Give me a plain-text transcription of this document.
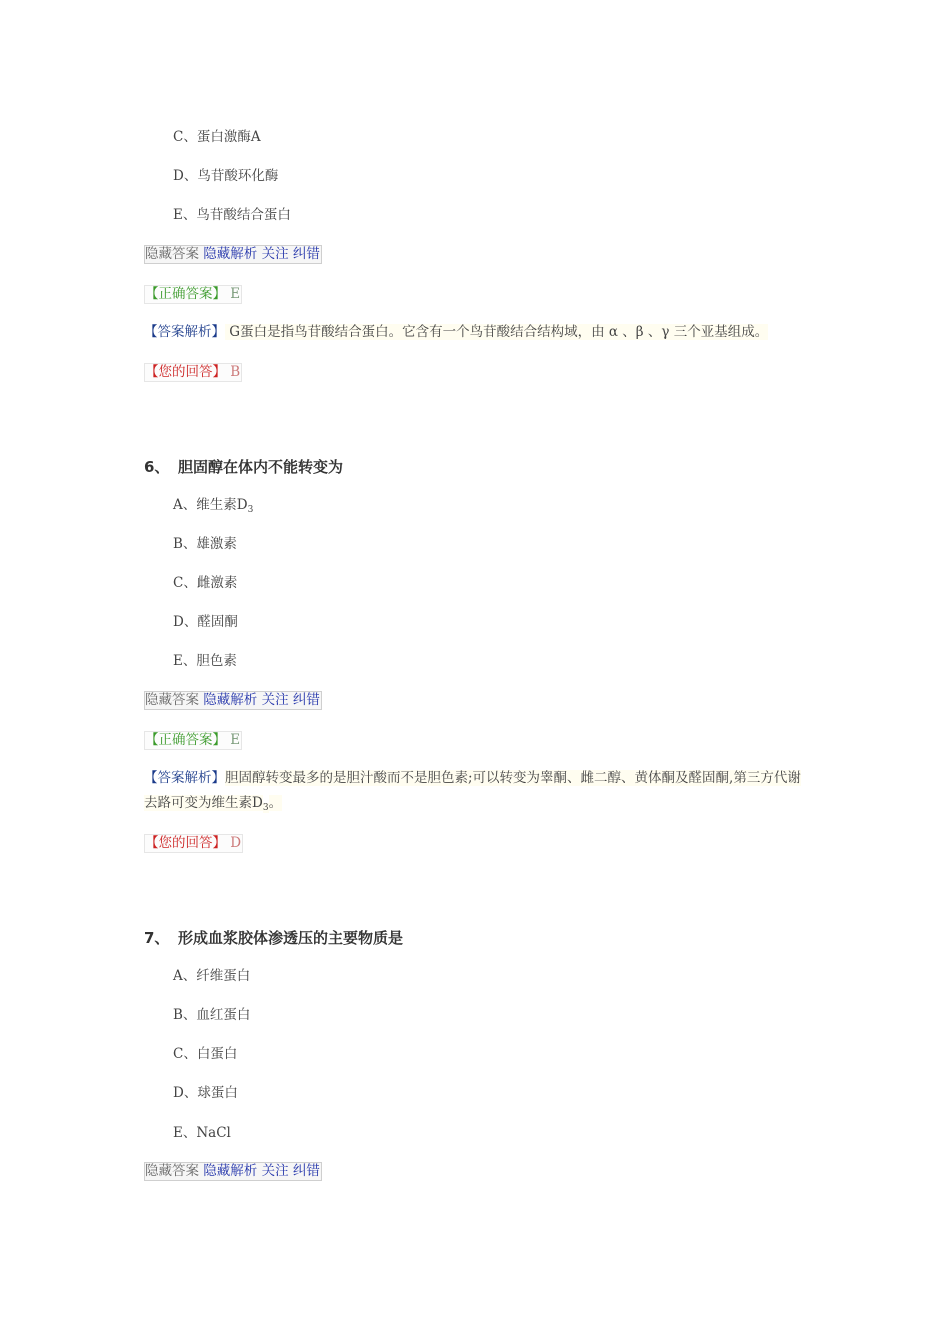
C、蛋白激酶A
D、鸟苷酸环化酶
E、鸟苷酸结合蛋白
隐藏答案 隐藏解析 关注 纠错
【正确答案】 E
【答案解析】 G蛋白是指鸟苷酸结合蛋白。它含有一个鸟苷酸结合结构域，由 α 、β 、γ 三个亚基组成。
【您的回答】 B
6、 胆固醇在体内不能转变为
A、维生素$D_3$
B、雄激素
C、雌激素
D、醛固酮
E、胆色素
隐藏答案 隐藏解析 关注 纠错
【正确答案】 E
【答案解析】胆固醇转变最多的是胆汁酸而不是胆色素;可以转变为睾酮、雌二醇、黄体酮及醛固酮,第三方代谢去路可变为维生素$D_3$。
【您的回答】 D
7、 形成血浆胶体渗透压的主要物质是
A、纤维蛋白
B、血红蛋白
C、白蛋白
D、球蛋白
E、NaCl
隐藏答案 隐藏解析 关注 纠错
